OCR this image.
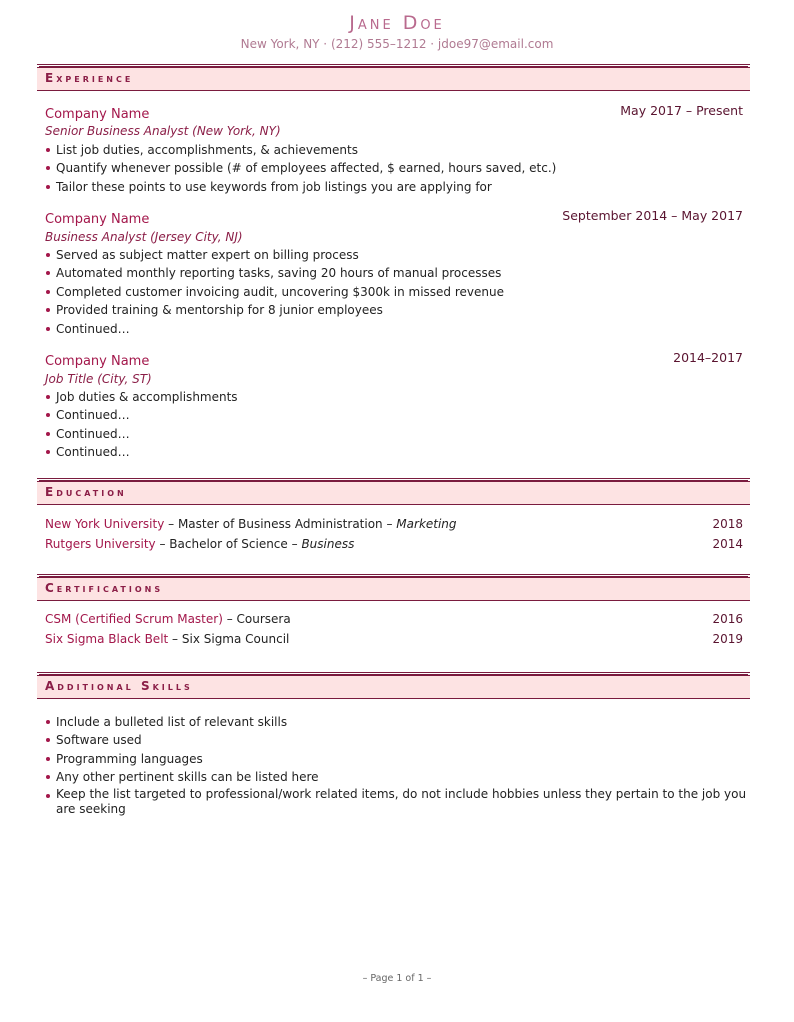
Jane Doe
New York, NY · (212) 555–1212 · jdoe97@email.com
Experience
Company Name	May 2017 – Present
Senior Business Analyst (New York, NY)
List job duties, accomplishments, & achievements
Quantify whenever possible (# of employees affected, $ earned, hours saved, etc.)
Tailor these points to use keywords from job listings you are applying for
Company Name	September 2014 – May 2017
Business Analyst (Jersey City, NJ)
Served as subject matter expert on billing process
Automated monthly reporting tasks, saving 20 hours of manual processes
Completed customer invoicing audit, uncovering $300k in missed revenue
Provided training & mentorship for 8 junior employees
Continued…
Company Name	2014–2017
Job Title (City, ST)
Job duties & accomplishments
Continued…
Continued…
Continued…
Education
New York University – Master of Business Administration – Marketing	2018
Rutgers University – Bachelor of Science – Business	2014
Certifications
CSM (Certified Scrum Master) – Coursera	2016
Six Sigma Black Belt – Six Sigma Council	2019
Additional Skills
Include a bulleted list of relevant skills
Software used
Programming languages
Any other pertinent skills can be listed here
Keep the list targeted to professional/work related items, do not include hobbies unless they pertain to the job you are seeking
– Page 1 of 1 –
